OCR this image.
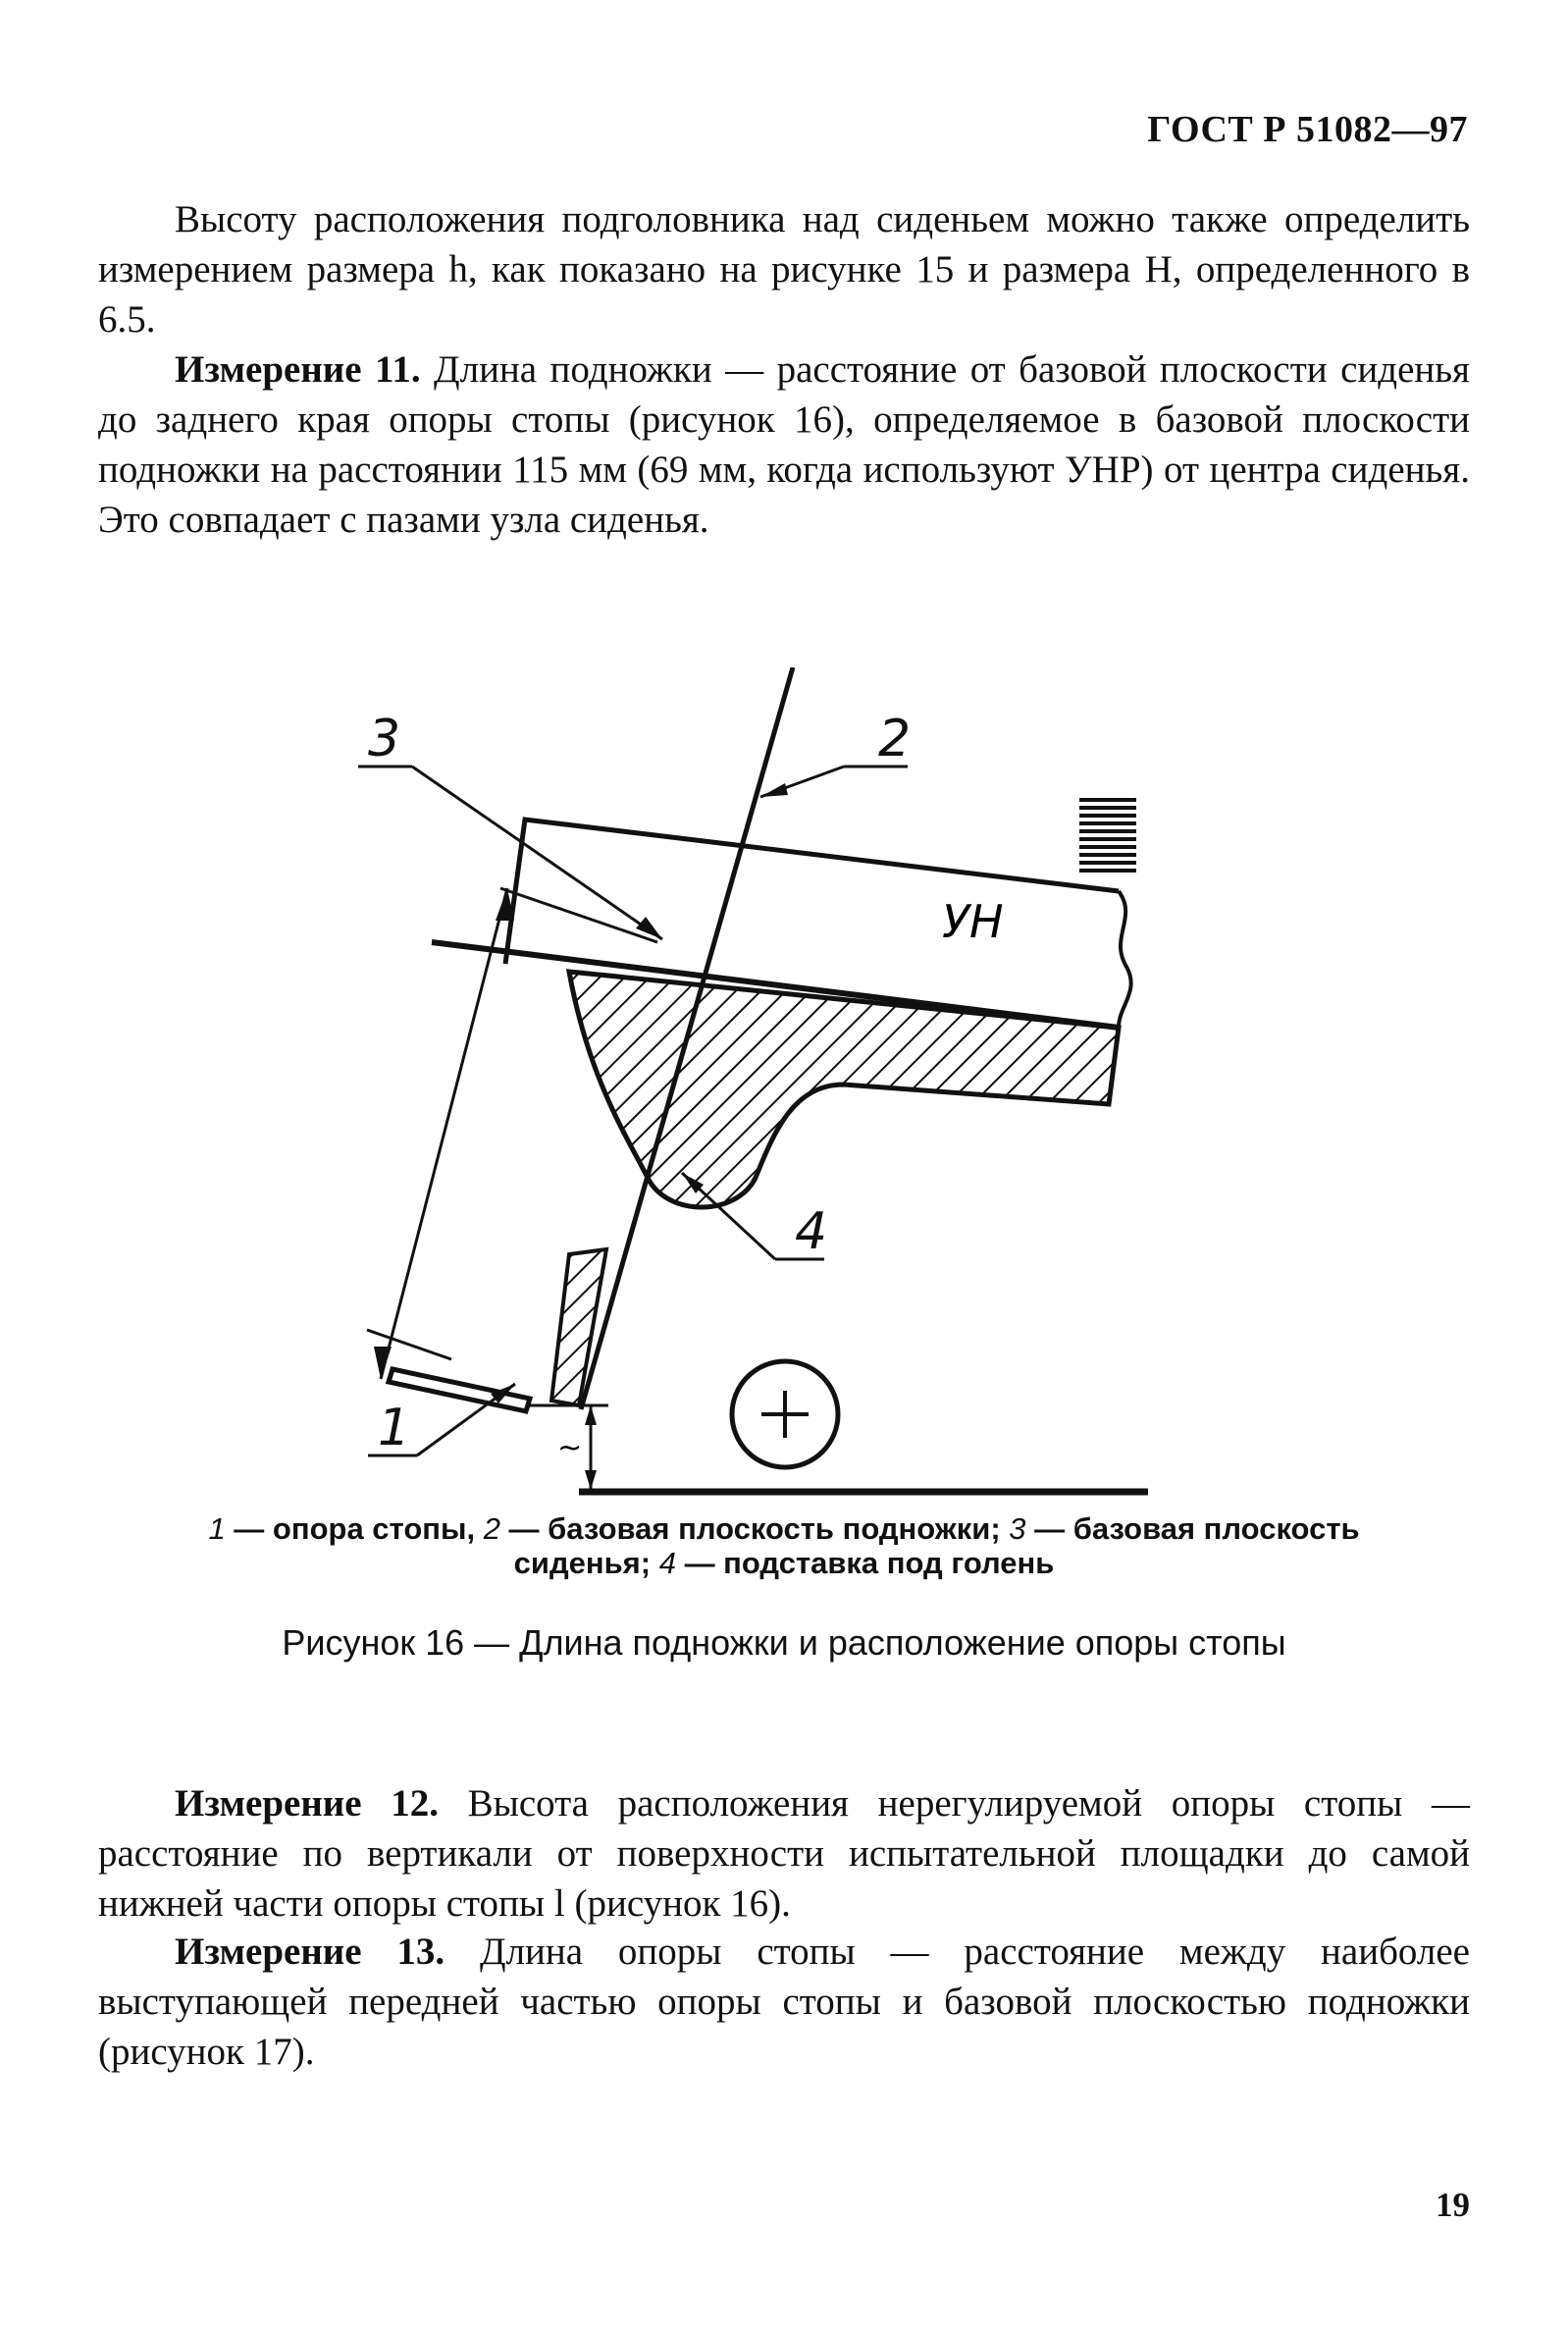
ГОСТ Р 51082—97

Высоту расположения подголовника над сиденьем можно также определить измерением размера h, как показано на рисунке 15 и размера H, определенного в 6.5.

Измерение 11. Длина подножки — расстояние от базовой плоскости сиденья до заднего края опоры стопы (рисунок 16), определяемое в базовой плоскости подножки на расстоянии 115 мм (69 мм, когда используют УНР) от центра сиденья. Это совпадает с пазами узла сиденья.

УН
~
3	2
4
1
1 — опора стопы, 2 — базовая плоскость подножки; 3 — базовая плоскость сиденья; 4 — подставка под голень
Рисунок 16 — Длина подножки и расположение опоры стопы

Измерение 12. Высота расположения нерегулируемой опоры стопы — расстояние по вертикали от поверхности испытательной площадки до самой нижней части опоры стопы l (рисунок 16).

Измерение 13. Длина опоры стопы — расстояние между наиболее выступающей передней частью опоры стопы и базовой плоскостью подножки (рисунок 17).

19
